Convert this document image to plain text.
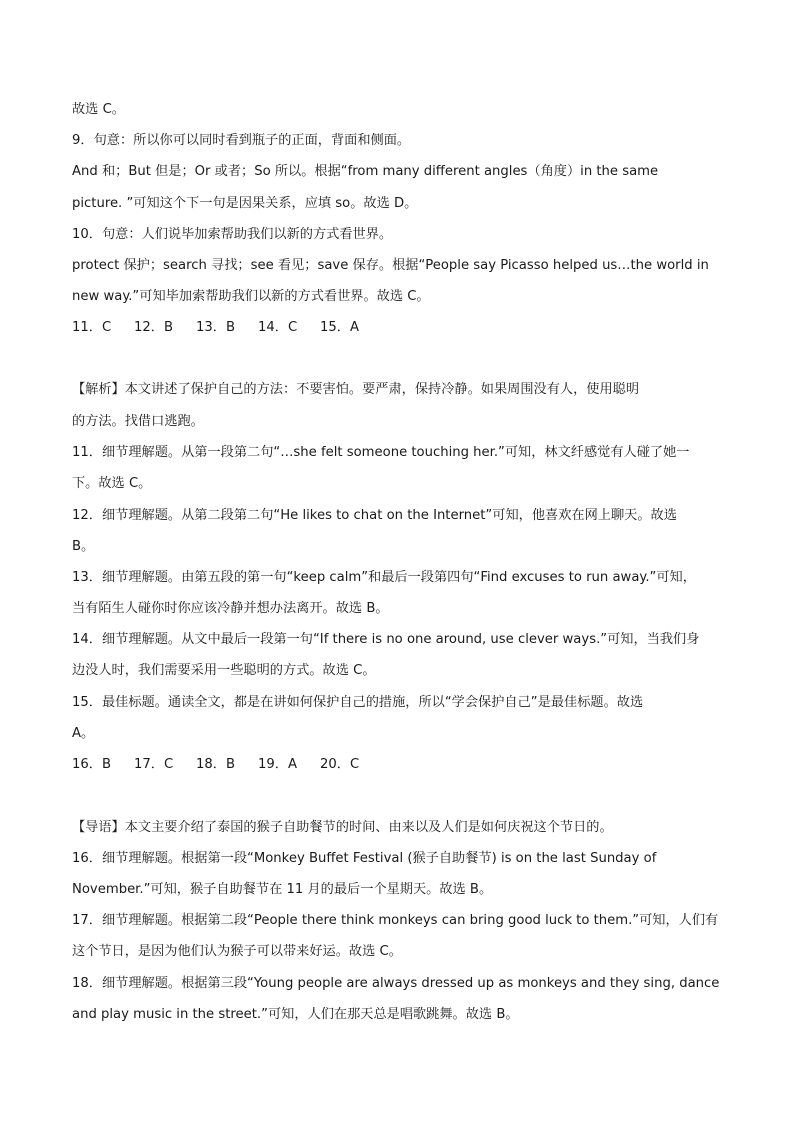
故选 C。
9．句意：所以你可以同时看到瓶子的正面，背面和侧面。
And 和；But 但是；Or 或者；So 所以。根据“from many different angles（角度）in the same
picture. ”可知这个下一句是因果关系，应填 so。故选 D。
10．句意：人们说毕加索帮助我们以新的方式看世界。
protect 保护；search 寻找；see 看见；save 保存。根据“People say Picasso helped us…the world in
new way.”可知毕加索帮助我们以新的方式看世界。故选 C。
11．C 12．B 13．B 14．C 15．A
【解析】本文讲述了保护自己的方法：不要害怕。要严肃，保持冷静。如果周围没有人，使用聪明
的方法。找借口逃跑。
11．细节理解题。从第一段第二句“…she felt someone touching her.”可知，林文纤感觉有人碰了她一
下。故选 C。
12．细节理解题。从第二段第二句“He likes to chat on the Internet”可知，他喜欢在网上聊天。故选
B。
13．细节理解题。由第五段的第一句“keep calm”和最后一段第四句“Find excuses to run away.”可知，
当有陌生人碰你时你应该冷静并想办法离开。故选 B。
14．细节理解题。从文中最后一段第一句“If there is no one around, use clever ways.”可知，当我们身
边没人时，我们需要采用一些聪明的方式。故选 C。
15．最佳标题。通读全文，都是在讲如何保护自己的措施，所以“学会保护自己”是最佳标题。故选
A。
16．B 17．C 18．B 19．A 20．C
【导语】本文主要介绍了泰国的猴子自助餐节的时间、由来以及人们是如何庆祝这个节日的。
16．细节理解题。根据第一段“Monkey Buffet Festival (猴子自助餐节) is on the last Sunday of
November.”可知，猴子自助餐节在 11 月的最后一个星期天。故选 B。
17．细节理解题。根据第二段“People there think monkeys can bring good luck to them.”可知，人们有
这个节日，是因为他们认为猴子可以带来好运。故选 C。
18．细节理解题。根据第三段“Young people are always dressed up as monkeys and they sing, dance
and play music in the street.”可知，人们在那天总是唱歌跳舞。故选 B。
